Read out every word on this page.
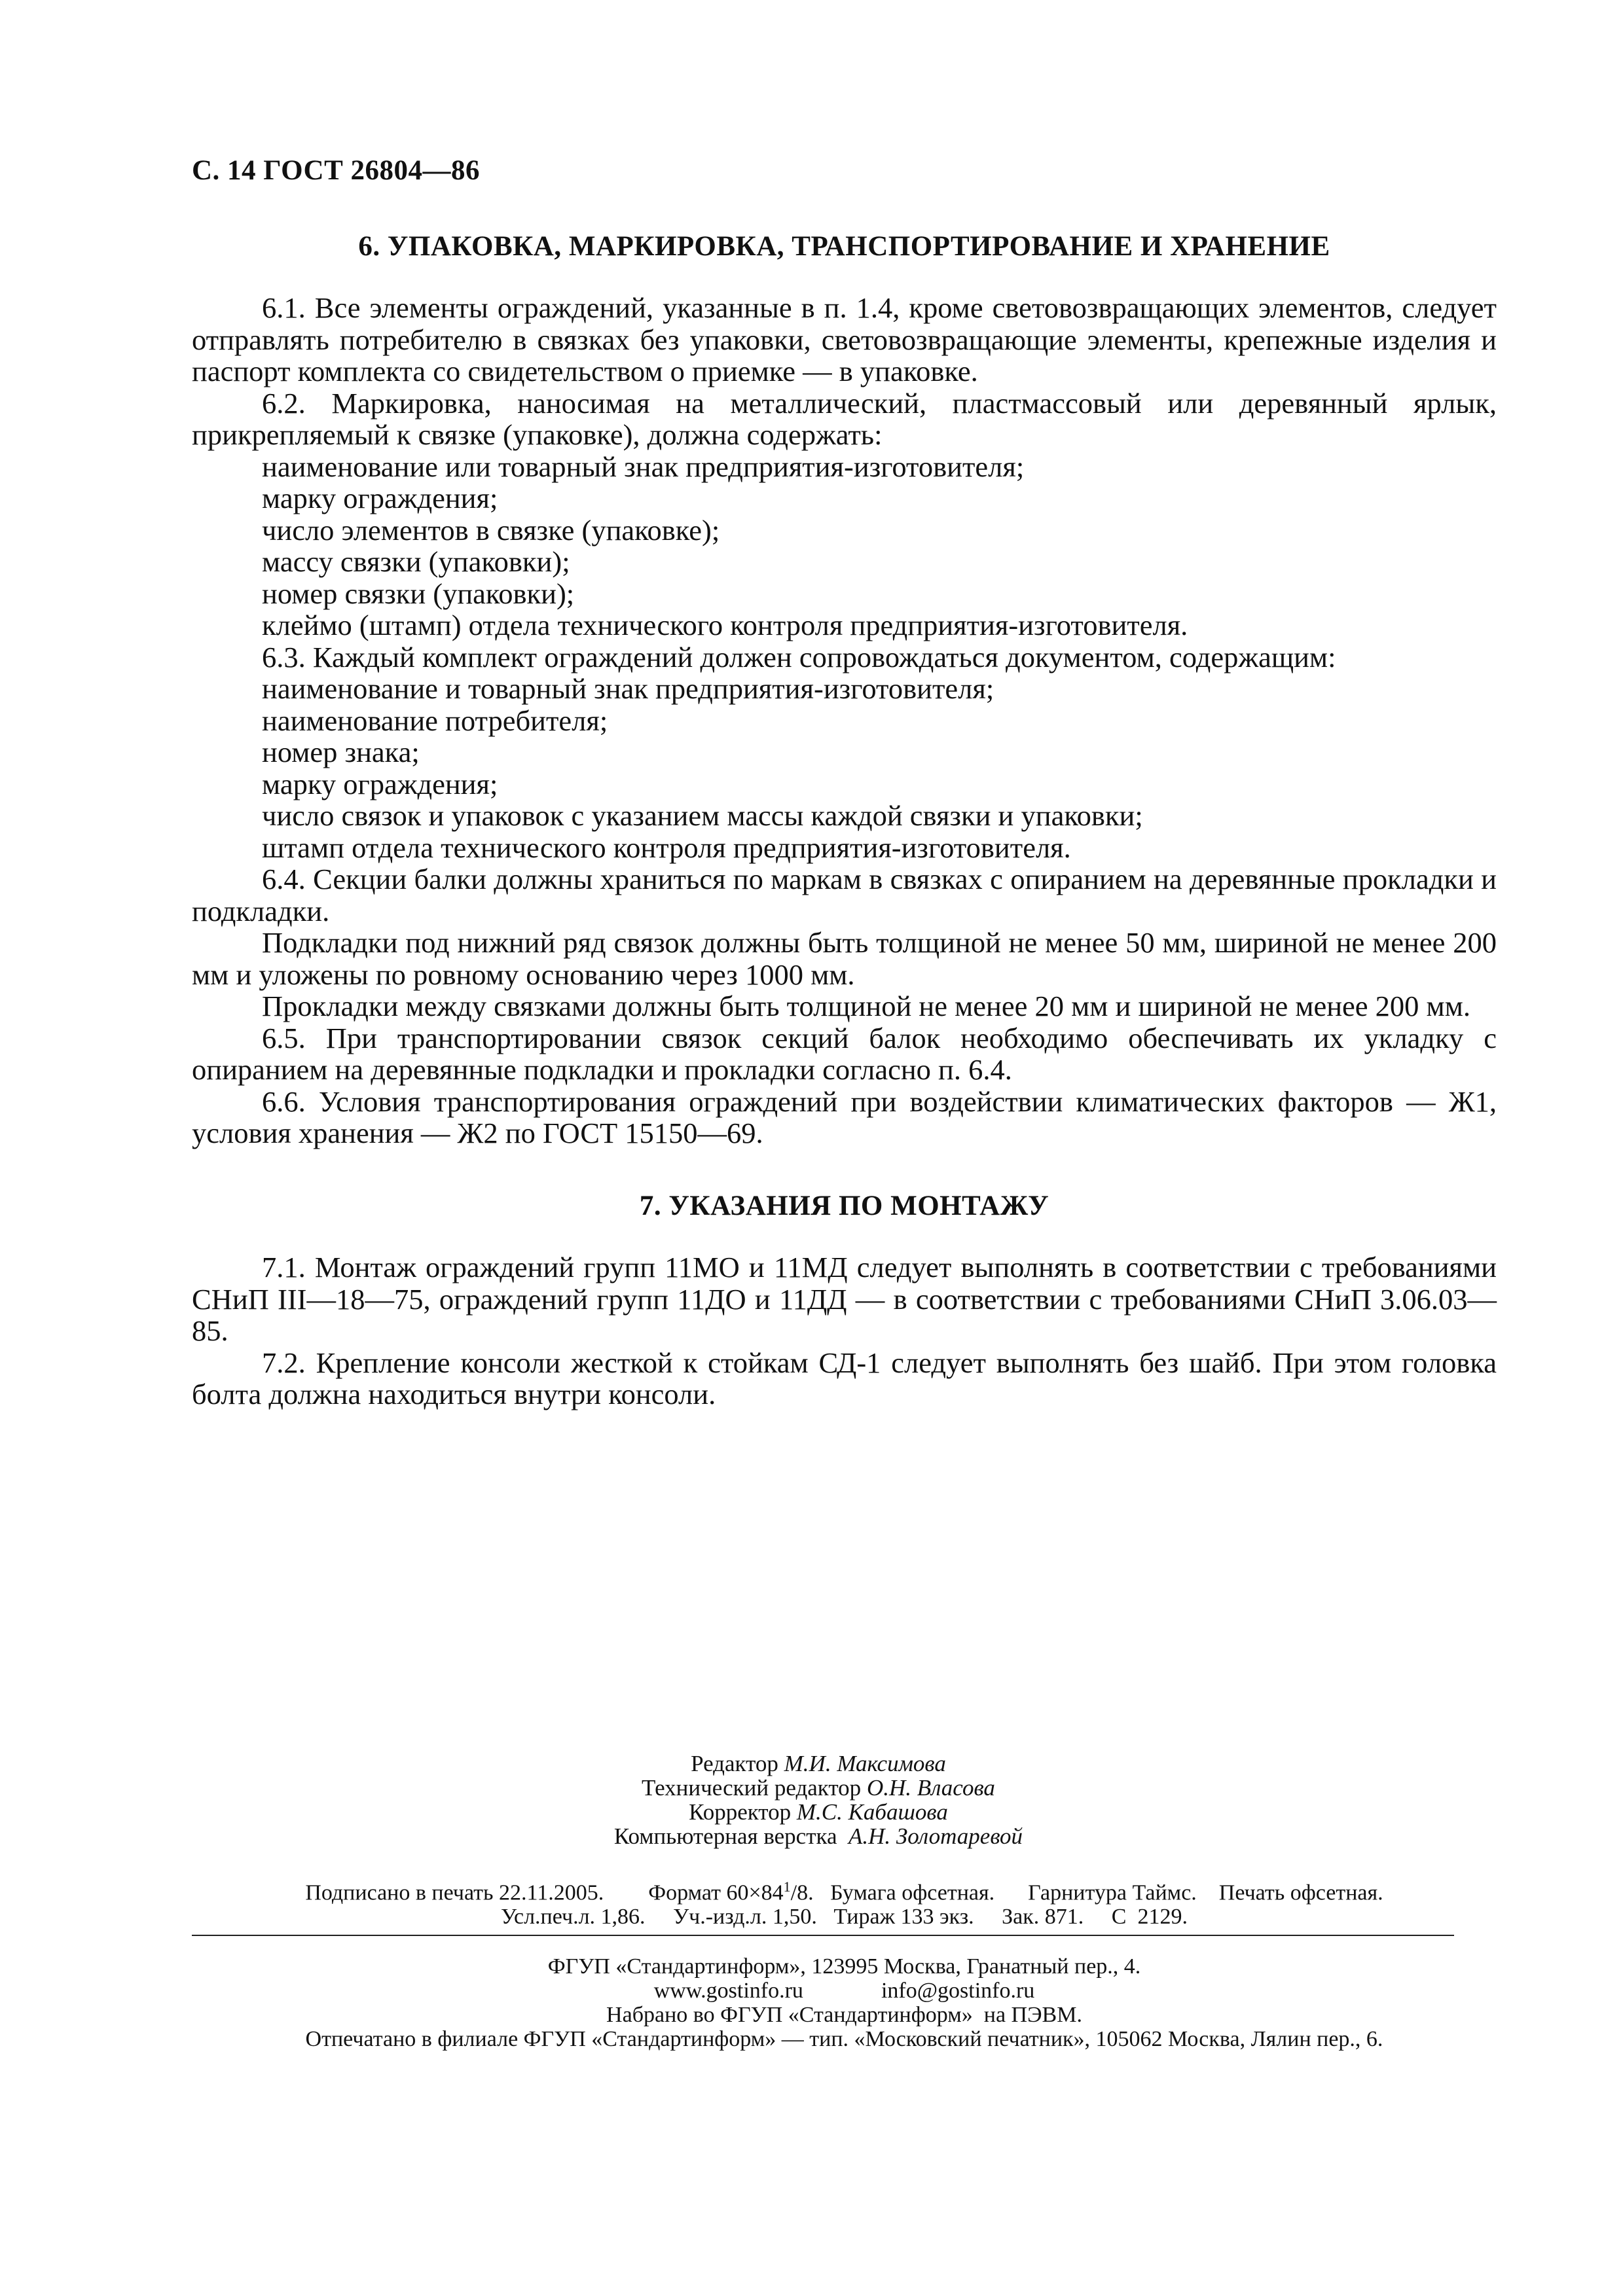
С. 14 ГОСТ 26804—86
6. УПАКОВКА, МАРКИРОВКА, ТРАНСПОРТИРОВАНИЕ И ХРАНЕНИЕ

6.1. Все элементы ограждений, указанные в п. 1.4, кроме световозвращающих элементов, следует отправлять потребителю в связках без упаковки, световозвращающие элементы, крепежные изделия и паспорт комплекта со свидетельством о приемке — в упаковке.

6.2. Маркировка, наносимая на металлический, пластмассовый или деревянный ярлык, прикрепляемый к связке (упаковке), должна содержать:

наименование или товарный знак предприятия-изготовителя;

марку ограждения;

число элементов в связке (упаковке);

массу связки (упаковки);

номер связки (упаковки);

клеймо (штамп) отдела технического контроля предприятия-изготовителя.

6.3. Каждый комплект ограждений должен сопровождаться документом, содержащим:

наименование и товарный знак предприятия-изготовителя;

наименование потребителя;

номер знака;

марку ограждения;

число связок и упаковок с указанием массы каждой связки и упаковки;

штамп отдела технического контроля предприятия-изготовителя.

6.4. Секции балки должны храниться по маркам в связках с опиранием на деревянные прокладки и подкладки.

Подкладки под нижний ряд связок должны быть толщиной не менее 50 мм, шириной не менее 200 мм и уложены по ровному основанию через 1000 мм.

Прокладки между связками должны быть толщиной не менее 20 мм и шириной не менее 200 мм.

6.5. При транспортировании связок секций балок необходимо обеспечивать их укладку с опиранием на деревянные подкладки и прокладки согласно п. 6.4.

6.6. Условия транспортирования ограждений при воздействии климатических факторов — Ж1, условия хранения — Ж2 по ГОСТ 15150—69.

7. УКАЗАНИЯ ПО МОНТАЖУ

7.1. Монтаж ограждений групп 11МО и 11МД следует выполнять в соответствии с требованиями СНиП III—18—75, ограждений групп 11ДО и 11ДД — в соответствии с требованиями СНиП 3.06.03—85.

7.2. Крепление консоли жесткой к стойкам СД-1 следует выполнять без шайб. При этом головка болта должна находиться внутри консоли.

Редактор М.И. Максимова
Технический редактор О.Н. Власова
Корректор М.С. Кабашова
Компьютерная верстка А.Н. Золотаревой
Подписано в печать 22.11.2005. Формат $60\times 84^1/8$. Бумага офсетная. Гарнитура Таймс. Печать офсетная.
Усл.печ.л. 1,86. Уч.-изд.л. 1,50. Тираж 133 экз. Зак. 871. С  2129.
ФГУП «Стандартинформ», 123995 Москва, Гранатный пер., 4.
www.gostinfo.ru	info@gostinfo.ru
Набрано во ФГУП «Стандартинформ»  на ПЭВМ.
Отпечатано в филиале ФГУП «Стандартинформ» — тип. «Московский печатник», 105062 Москва, Лялин пер., 6.
